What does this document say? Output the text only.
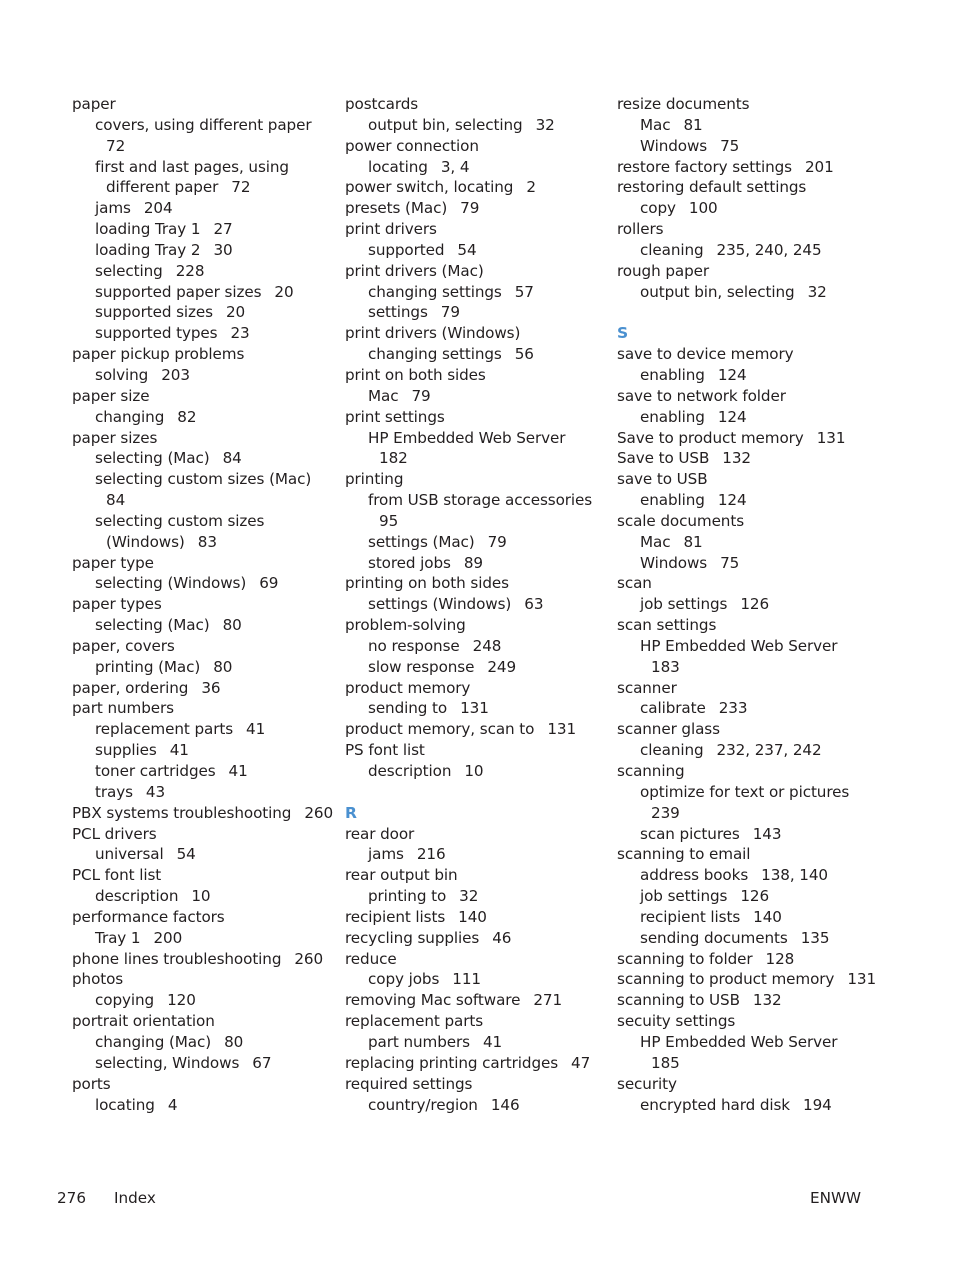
paper
covers, using different paper
72
first and last pages, using
different paper 72
jams 204
loading Tray 1 27
loading Tray 2 30
selecting 228
supported paper sizes 20
supported sizes 20
supported types 23
paper pickup problems
solving 203
paper size
changing 82
paper sizes
selecting (Mac) 84
selecting custom sizes (Mac)
84
selecting custom sizes
(Windows) 83
paper type
selecting (Windows) 69
paper types
selecting (Mac) 80
paper, covers
printing (Mac) 80
paper, ordering 36
part numbers
replacement parts 41
supplies 41
toner cartridges 41
trays 43
PBX systems troubleshooting 260
PCL drivers
universal 54
PCL font list
description 10
performance factors
Tray 1 200
phone lines troubleshooting 260
photos
copying 120
portrait orientation
changing (Mac) 80
selecting, Windows 67
ports
locating 4
postcards
output bin, selecting 32
power connection
locating 3, 4
power switch, locating 2
presets (Mac) 79
print drivers
supported 54
print drivers (Mac)
changing settings 57
settings 79
print drivers (Windows)
changing settings 56
print on both sides
Mac 79
print settings
HP Embedded Web Server
182
printing
from USB storage accessories
95
settings (Mac) 79
stored jobs 89
printing on both sides
settings (Windows) 63
problem-solving
no response 248
slow response 249
product memory
sending to 131
product memory, scan to 131
PS font list
description 10
R
rear door
jams 216
rear output bin
printing to 32
recipient lists 140
recycling supplies 46
reduce
copy jobs 111
removing Mac software 271
replacement parts
part numbers 41
replacing printing cartridges 47
required settings
country/region 146
resize documents
Mac 81
Windows 75
restore factory settings 201
restoring default settings
copy 100
rollers
cleaning 235, 240, 245
rough paper
output bin, selecting 32
S
save to device memory
enabling 124
save to network folder
enabling 124
Save to product memory 131
Save to USB 132
save to USB
enabling 124
scale documents
Mac 81
Windows 75
scan
job settings 126
scan settings
HP Embedded Web Server
183
scanner
calibrate 233
scanner glass
cleaning 232, 237, 242
scanning
optimize for text or pictures
239
scan pictures 143
scanning to email
address books 138, 140
job settings 126
recipient lists 140
sending documents 135
scanning to folder 128
scanning to product memory 131
scanning to USB 132
secuity settings
HP Embedded Web Server
185
security
encrypted hard disk 194
276 Index	ENWW
